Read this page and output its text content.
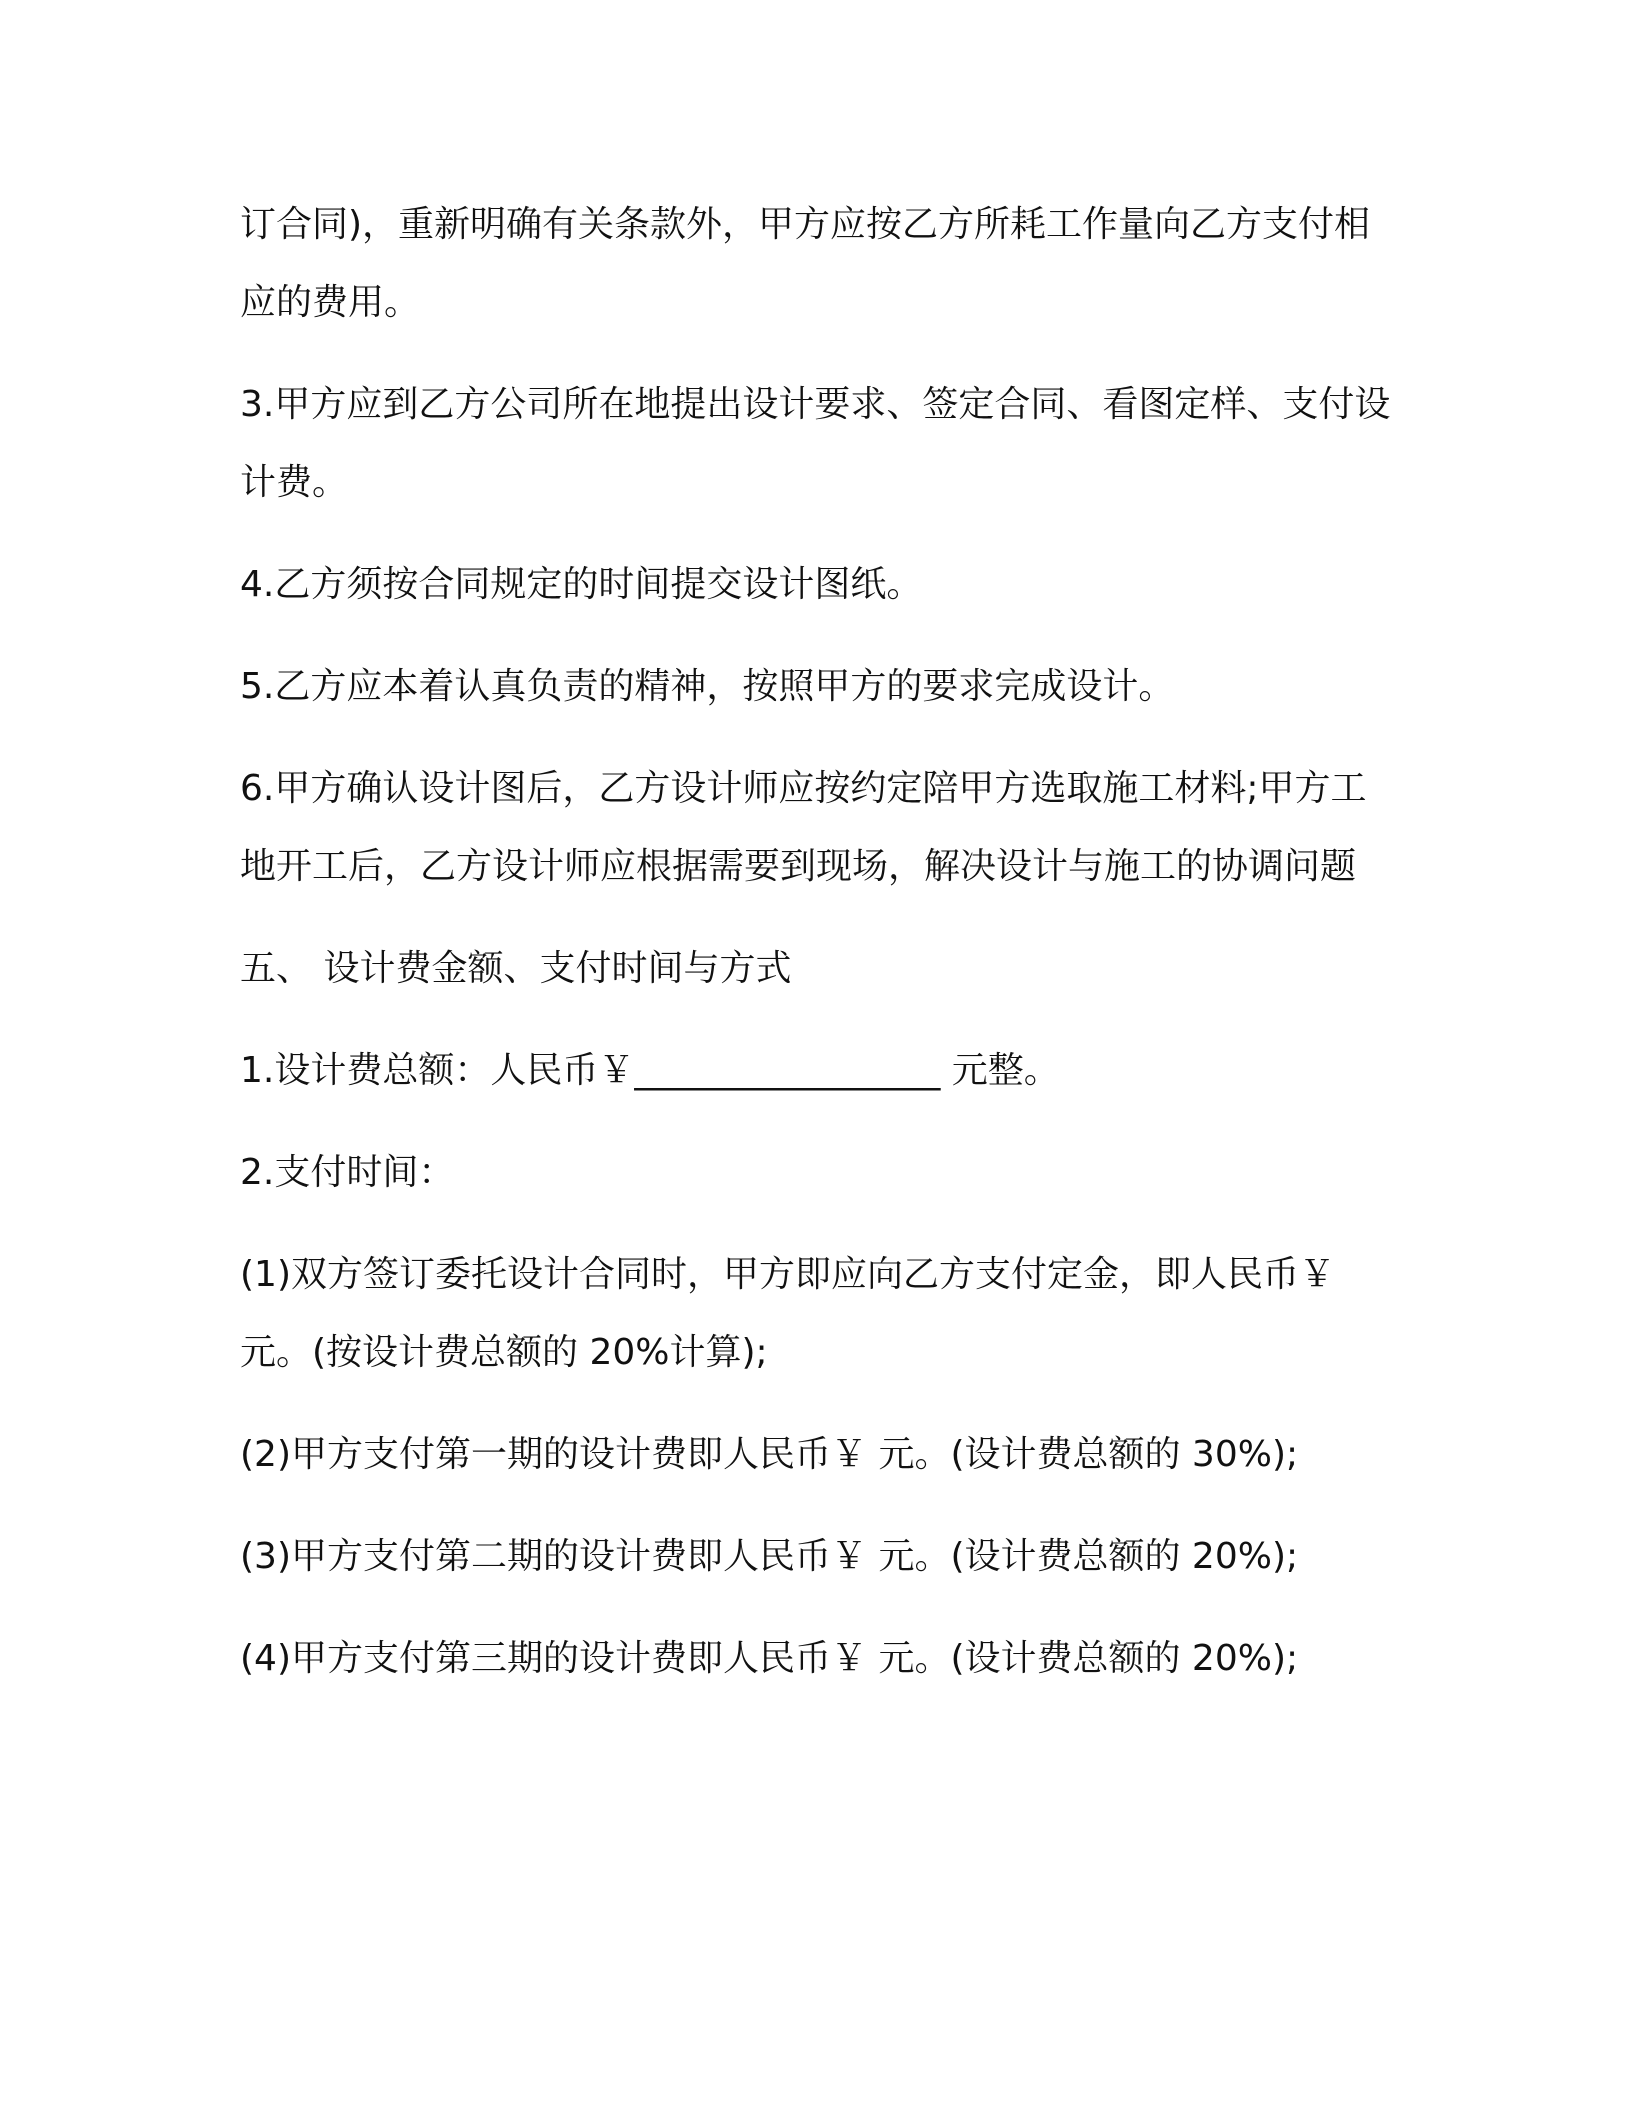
订合同)，重新明确有关条款外，甲方应按乙方所耗工作量向乙方支付相应的费用。

3.甲方应到乙方公司所在地提出设计要求、签定合同、看图定样、支付设计费。

4.乙方须按合同规定的时间提交设计图纸。

5.乙方应本着认真负责的精神，按照甲方的要求完成设计。

6.甲方确认设计图后，乙方设计师应按约定陪甲方选取施工材料;甲方工地开工后，乙方设计师应根据需要到现场，解决设计与施工的协调问题

五、 设计费金额、支付时间与方式

1.设计费总额：人民币￥_________________ 元整。

2.支付时间：

(1)双方签订委托设计合同时，甲方即应向乙方支付定金，即人民币￥ 元。(按设计费总额的 20%计算);

(2)甲方支付第一期的设计费即人民币￥ 元。(设计费总额的 30%);

(3)甲方支付第二期的设计费即人民币￥ 元。(设计费总额的 20%);

(4)甲方支付第三期的设计费即人民币￥ 元。(设计费总额的 20%);
